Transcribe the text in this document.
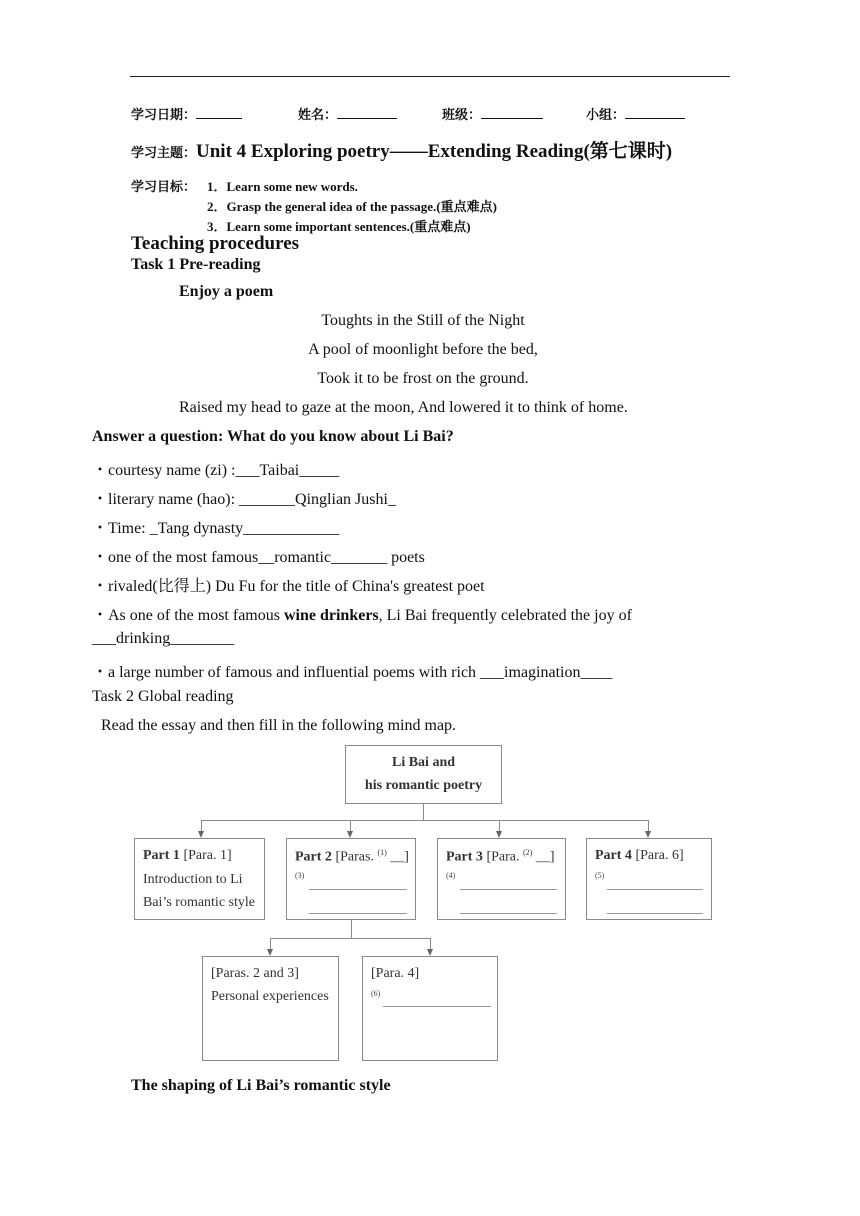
学习日期：	姓名：	班级：	小组：
学习主题：Unit 4 Exploring poetry——Extending Reading(第七课时)
学习目标： 1．Learn some new words.
2．Grasp the general idea of the passage.(重点难点)
3．Learn some important sentences.(重点难点)
Teaching procedures
Task 1 Pre-reading
Enjoy a poem
Toughts in the Still of the Night
A pool of moonlight before the bed,
Took it to be frost on the ground.
Raised my head to gaze at the moon, And lowered it to think of home.
Answer a question: What do you know about Li Bai?
・courtesy name (zi) :___Taibai_____
・literary name (hao): _______Qinglian Jushi_
・Time: _Tang dynasty____________
・one of the most famous__romantic_______ poets
・rivaled(比得上) Du Fu for the title of China's greatest poet
・As one of the most famous wine drinkers, Li Bai frequently celebrated the joy of
___drinking________
・a large number of famous and influential poems with rich ___imagination____
Task 2 Global reading
Read the essay and then fill in the following mind map.
Li Bai and
his romantic poetry
Part 1 [Para. 1]
Introduction to Li
Bai’s romantic style
Part 2 [Paras. $^{(1)}$ __]
(3)
Part 3 [Para. $^{(2)}$ __]
(4)
Part 4 [Para. 6]
(5)
[Paras. 2 and 3]
Personal experiences
[Para. 4]
(6)
The shaping of Li Bai’s romantic style
